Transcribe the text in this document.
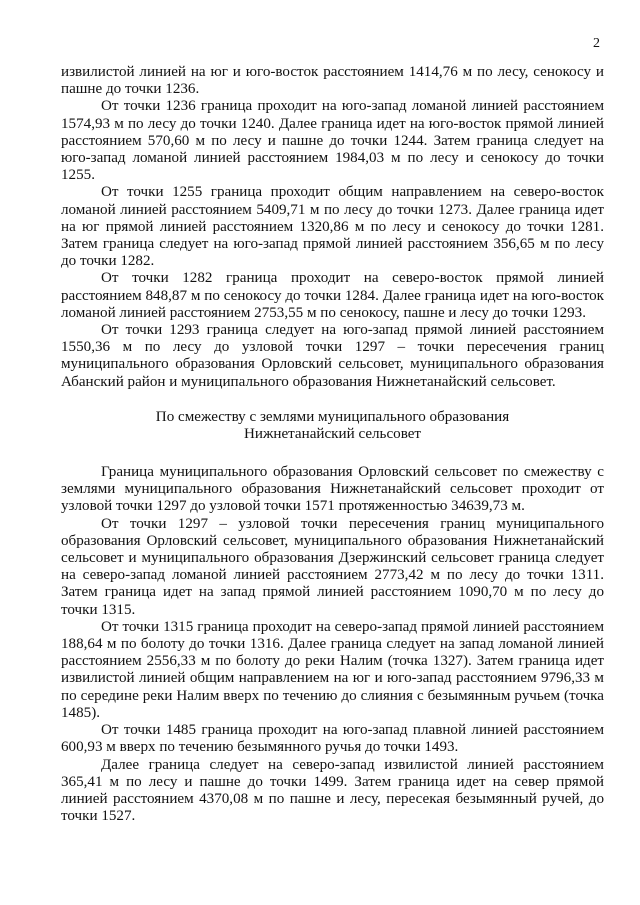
2

извилистой линией на юг и юго-восток расстоянием 1414,76 м по лесу, сенокосу и пашне до точки 1236.

От точки 1236 граница проходит на юго-запад ломаной линией расстоянием 1574,93 м по лесу до точки 1240. Далее граница идет на юго-восток прямой линией расстоянием 570,60 м по лесу и пашне до точки 1244. Затем граница следует на юго-запад ломаной линией расстоянием 1984,03 м по лесу и сенокосу до точки 1255.

От точки 1255 граница проходит общим направлением на северо-восток ломаной линией расстоянием 5409,71 м по лесу до точки 1273. Далее граница идет на юг прямой линией расстоянием 1320,86 м по лесу и сенокосу до точки 1281. Затем граница следует на юго-запад прямой линией расстоянием 356,65 м по лесу до точки 1282.

От точки 1282 граница проходит на северо-восток прямой линией расстоянием 848,87 м по сенокосу до точки 1284. Далее граница идет на юго-восток ломаной линией расстоянием 2753,55 м по сенокосу, пашне и лесу до точки 1293.

От точки 1293 граница следует на юго-запад прямой линией расстоянием 1550,36 м по лесу до узловой точки 1297 – точки пересечения границ муниципального образования Орловский сельсовет, муниципального образования Абанский район и муниципального образования Нижнетанайский сельсовет.

По смежеству с землями муниципального образования
Нижнетанайский сельсовет

Граница муниципального образования Орловский сельсовет по смежеству с землями муниципального образования Нижнетанайский сельсовет проходит от узловой точки 1297 до узловой точки 1571 протяженностью 34639,73 м.

От точки 1297 – узловой точки пересечения границ муниципального образования Орловский сельсовет, муниципального образования Нижнетанайский сельсовет и муниципального образования Дзержинский сельсовет граница следует на северо-запад ломаной линией расстоянием 2773,42 м по лесу до точки 1311. Затем граница идет на запад прямой линией расстоянием 1090,70 м по лесу до точки 1315.

От точки 1315 граница проходит на северо-запад прямой линией расстоянием 188,64 м по болоту до точки 1316. Далее граница следует на запад ломаной линией расстоянием 2556,33 м по болоту до реки Налим (точка 1327). Затем граница идет извилистой линией общим направлением на юг и юго-запад расстоянием 9796,33 м по середине реки Налим вверх по течению до слияния с безымянным ручьем (точка 1485).

От точки 1485 граница проходит на юго-запад плавной линией расстоянием 600,93 м вверх по течению безымянного ручья до точки 1493.

Далее граница следует на северо-запад извилистой линией расстоянием 365,41 м по лесу и пашне до точки 1499. Затем граница идет на север прямой линией расстоянием 4370,08 м по пашне и лесу, пересекая безымянный ручей, до точки 1527.
